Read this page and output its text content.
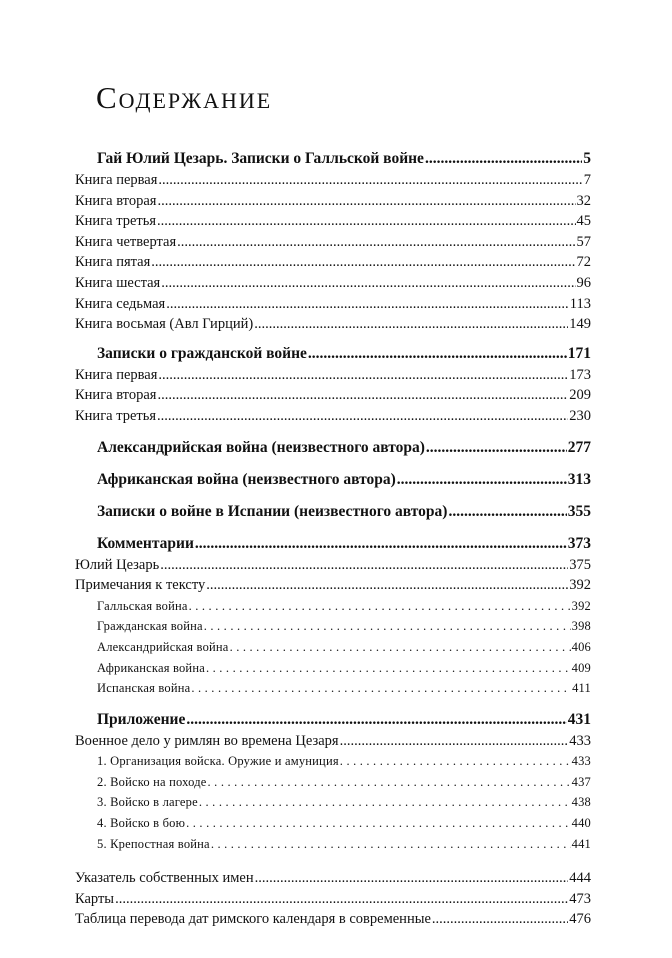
Содержание
Гай Юлий Цезарь. Записки о Галльской войне .....	5
Книга первая .....	7
Книга вторая .....	32
Книга третья .....	45
Книга четвертая .....	57
Книга пятая .....	72
Книга шестая .....	96
Книга седьмая .....	113
Книга восьмая (Авл Гирций) .....	149
Записки о гражданской войне .....	171
Книга первая .....	173
Книга вторая .....	209
Книга третья .....	230
Александрийская война (неизвестного автора) .....	277
Африканская война (неизвестного автора) .....	313
Записки о войне в Испании (неизвестного автора) .....	355
Комментарии .....	373
Юлий Цезарь .....	375
Примечания к тексту .....	392
Галльская война . . .	392
Гражданская война . . .	398
Александрийская война . . .	406
Африканская война . . .	409
Испанская война . . .	411
Приложение .....	431
Военное дело у римлян во времена Цезаря .....	433
1. Организация войска. Оружие и амуниция . . .	433
2. Войско на походе . . .	437
3. Войско в лагере . . .	438
4. Войско в бою . . .	440
5. Крепостная война . . .	441
Указатель собственных имен .....	444
Карты .....	473
Таблица перевода дат римского календаря в современные .....	476
